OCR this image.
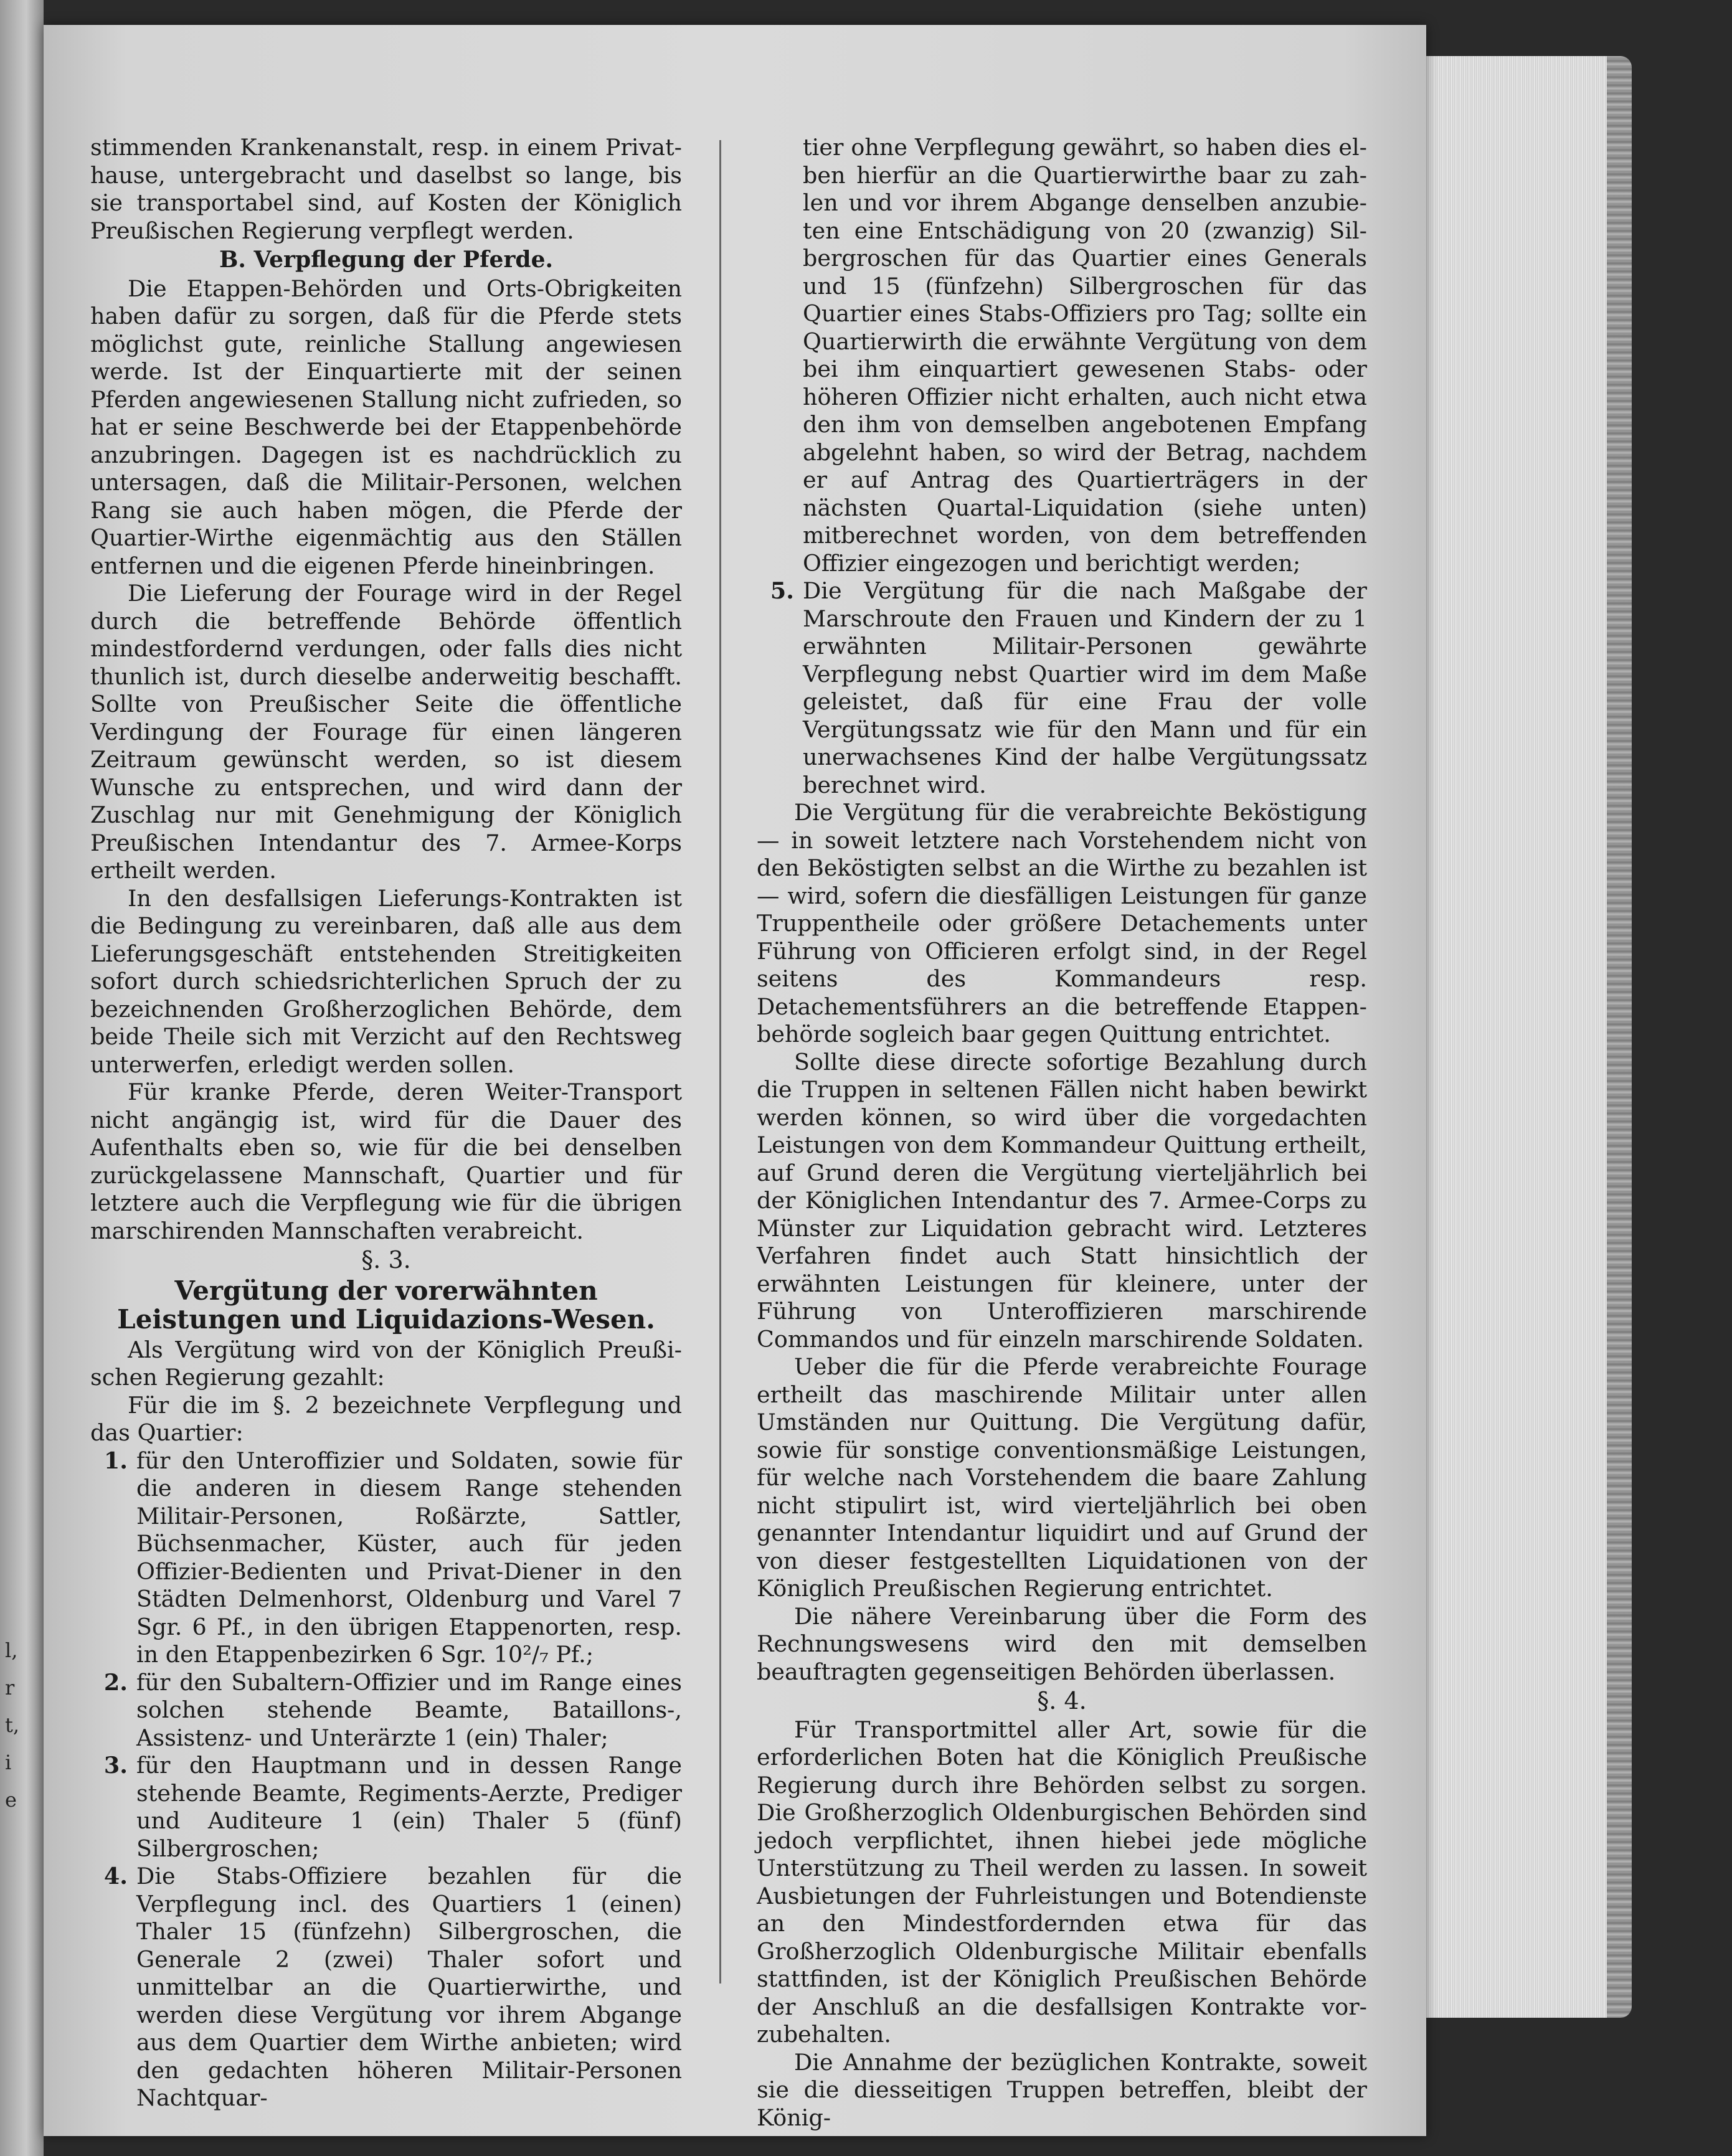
l,
r
t,
i
e

stimmenden Krankenanstalt, resp. in einem Privathause, untergebracht und daselbst so lange, bis sie transportabel sind, auf Kosten der Königlich Preußischen Regierung verpflegt werden.

B. Verpflegung der Pferde.

Die Etappen-Behörden und Orts-Obrigkeiten haben dafür zu sorgen, daß für die Pferde stets möglichst gute, reinliche Stallung angewiesen werde. Ist der Einquartierte mit der seinen Pferden angewiesenen Stallung nicht zufrieden, so hat er seine Beschwerde bei der Etappenbehörde anzubringen. Dagegen ist es nachdrücklich zu untersagen, daß die Militair-Personen, welchen Rang sie auch haben mögen, die Pferde der Quartier-Wirthe eigenmächtig aus den Ställen entfernen und die eigenen Pferde hineinbringen.

Die Lieferung der Fourage wird in der Regel durch die betreffende Behörde öffentlich mindestfordernd verdungen, oder falls dies nicht thunlich ist, durch dieselbe anderweitig beschafft. Sollte von Preußischer Seite die öffentliche Verdingung der Fourage für einen längeren Zeitraum gewünscht werden, so ist diesem Wunsche zu entsprechen, und wird dann der Zuschlag nur mit Genehmigung der Königlich Preußischen Intendantur des 7. Armee-Korps ertheilt werden.

In den desfallsigen Lieferungs-Kontrakten ist die Bedingung zu vereinbaren, daß alle aus dem Lieferungsgeschäft entstehenden Streitigkeiten sofort durch schiedsrichterlichen Spruch der zu bezeichnenden Großherzoglichen Behörde, dem beide Theile sich mit Verzicht auf den Rechtsweg unterwerfen, erledigt werden sollen.

Für kranke Pferde, deren Weiter-Transport nicht angängig ist, wird für die Dauer des Aufenthalts eben so, wie für die bei denselben zurückgelassene Mannschaft, Quartier und für letztere auch die Verpflegung wie für die übrigen marschirenden Mannschaften verabreicht.

§. 3.
Vergütung der vorerwähnten Leistungen und Liquidazions-Wesen.

Als Vergütung wird von der Königlich Preußischen Regierung gezahlt:

Für die im §. 2 bezeichnete Verpflegung und das Quartier:

1. für den Unteroffizier und Soldaten, sowie für die anderen in diesem Range stehenden Militair-Personen, Roßärzte, Sattler, Büchsenmacher, Küster, auch für jeden Offizier-Bedienten und Privat-Diener in den Städten Delmenhorst, Oldenburg und Varel 7 Sgr. 6 Pf., in den übrigen Etappenorten, resp. in den Etappenbezirken 6 Sgr. 10²/₇ Pf.;
2. für den Subaltern-Offizier und im Range eines solchen stehende Beamte, Bataillons-, Assistenz- und Unterärzte 1 (ein) Thaler;
3. für den Hauptmann und in dessen Range stehende Beamte, Regiments-Aerzte, Prediger und Auditeure 1 (ein) Thaler 5 (fünf) Silbergroschen;
4. Die Stabs-Offiziere bezahlen für die Verpflegung incl. des Quartiers 1 (einen) Thaler 15 (fünfzehn) Silbergroschen, die Generale 2 (zwei) Thaler sofort und unmittelbar an die Quartierwirthe, und werden diese Vergütung vor ihrem Abgange aus dem Quartier dem Wirthe anbieten; wird den gedachten höheren Militair-Personen Nachtquar-
tier ohne Verpflegung gewährt, so haben dies elben hierfür an die Quartierwirthe baar zu zahlen und vor ihrem Abgange denselben anzubieten eine Entschädigung von 20 (zwanzig) Silbergroschen für das Quartier eines Generals und 15 (fünfzehn) Silbergroschen für das Quartier eines Stabs-Offiziers pro Tag; sollte ein Quartierwirth die erwähnte Vergütung von dem bei ihm einquartiert gewesenen Stabs- oder höheren Offizier nicht erhalten, auch nicht etwa den ihm von demselben angebotenen Empfang abgelehnt haben, so wird der Betrag, nachdem er auf Antrag des Quartierträgers in der nächsten Quartal-Liquidation (siehe unten) mitberechnet worden, von dem betreffenden Offizier eingezogen und berichtigt werden;
5. Die Vergütung für die nach Maßgabe der Marschroute den Frauen und Kindern der zu 1 erwähnten Militair-Personen gewährte Verpflegung nebst Quartier wird im dem Maße geleistet, daß für eine Frau der volle Vergütungssatz wie für den Mann und für ein unerwachsenes Kind der halbe Vergütungssatz berechnet wird.

Die Vergütung für die verabreichte Beköstigung — in soweit letztere nach Vorstehendem nicht von den Beköstigten selbst an die Wirthe zu bezahlen ist — wird, sofern die diesfälligen Leistungen für ganze Truppentheile oder größere Detachements unter Führung von Officieren erfolgt sind, in der Regel seitens des Kommandeurs resp. Detachementsführers an die betreffende Etappenbehörde sogleich baar gegen Quittung entrichtet.

Sollte diese directe sofortige Bezahlung durch die Truppen in seltenen Fällen nicht haben bewirkt werden können, so wird über die vorgedachten Leistungen von dem Kommandeur Quittung ertheilt, auf Grund deren die Vergütung vierteljährlich bei der Königlichen Intendantur des 7. Armee-Corps zu Münster zur Liquidation gebracht wird. Letzteres Verfahren findet auch Statt hinsichtlich der erwähnten Leistungen für kleinere, unter der Führung von Unteroffizieren marschirende Commandos und für einzeln marschirende Soldaten.

Ueber die für die Pferde verabreichte Fourage ertheilt das maschirende Militair unter allen Umständen nur Quittung. Die Vergütung dafür, sowie für sonstige conventionsmäßige Leistungen, für welche nach Vorstehendem die baare Zahlung nicht stipulirt ist, wird vierteljährlich bei oben genannter Intendantur liquidirt und auf Grund der von dieser festgestellten Liquidationen von der Königlich Preußischen Regierung entrichtet.

Die nähere Vereinbarung über die Form des Rechnungswesens wird den mit demselben beauftragten gegenseitigen Behörden überlassen.

§. 4.

Für Transportmittel aller Art, sowie für die erforderlichen Boten hat die Königlich Preußische Regierung durch ihre Behörden selbst zu sorgen. Die Großherzoglich Oldenburgischen Behörden sind jedoch verpflichtet, ihnen hiebei jede mögliche Unterstützung zu Theil werden zu lassen. In soweit Ausbietungen der Fuhrleistungen und Botendienste an den Mindestfordernden etwa für das Großherzoglich Oldenburgische Militair ebenfalls stattfinden, ist der Königlich Preußischen Behörde der Anschluß an die desfallsigen Kontrakte vorzubehalten.

Die Annahme der bezüglichen Kontrakte, soweit sie die diesseitigen Truppen betreffen, bleibt der König-
